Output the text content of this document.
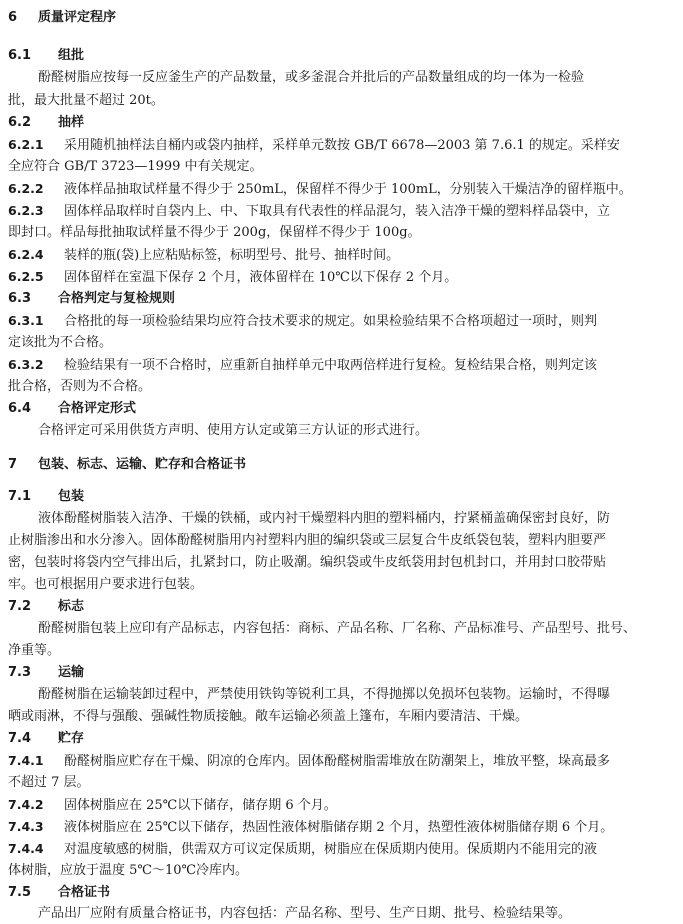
6 质量评定程序
6.1 组批
酚醛树脂应按每一反应釜生产的产品数量，或多釜混合并批后的产品数量组成的均一体为一检验
批，最大批量不超过 20t。
6.2 抽样
6.2.1 采用随机抽样法自桶内或袋内抽样，采样单元数按 GB/T 6678—2003 第 7.6.1 的规定。采样安
全应符合 GB/T 3723—1999 中有关规定。
6.2.2 液体样品抽取试样量不得少于 250mL，保留样不得少于 100mL，分别装入干燥洁净的留样瓶中。
6.2.3 固体样品取样时自袋内上、中、下取具有代表性的样品混匀，装入洁净干燥的塑料样品袋中，立
即封口。样品每批抽取试样量不得少于 200g，保留样不得少于 100g。
6.2.4 装样的瓶(袋)上应粘贴标签，标明型号、批号、抽样时间。
6.2.5 固体留样在室温下保存 2 个月，液体留样在 10℃以下保存 2 个月。
6.3 合格判定与复检规则
6.3.1 合格批的每一项检验结果均应符合技术要求的规定。如果检验结果不合格项超过一项时，则判
定该批为不合格。
6.3.2 检验结果有一项不合格时，应重新自抽样单元中取两倍样进行复检。复检结果合格，则判定该
批合格，否则为不合格。
6.4 合格评定形式
合格评定可采用供货方声明、使用方认定或第三方认证的形式进行。
7 包装、标志、运输、贮存和合格证书
7.1 包装
液体酚醛树脂装入洁净、干燥的铁桶，或内衬干燥塑料内胆的塑料桶内，拧紧桶盖确保密封良好，防
止树脂渗出和水分渗入。固体酚醛树脂用内衬塑料内胆的编织袋或三层复合牛皮纸袋包装，塑料内胆要严
密，包装时将袋内空气排出后，扎紧封口，防止吸潮。编织袋或牛皮纸袋用封包机封口，并用封口胶带贴
牢。也可根据用户要求进行包装。
7.2 标志
酚醛树脂包装上应印有产品标志，内容包括：商标、产品名称、厂名称、产品标准号、产品型号、批号、
净重等。
7.3 运输
酚醛树脂在运输装卸过程中，严禁使用铁钩等锐利工具，不得抛掷以免损坏包装物。运输时，不得曝
晒或雨淋，不得与强酸、强碱性物质接触。敞车运输必须盖上篷布，车厢内要清洁、干燥。
7.4 贮存
7.4.1 酚醛树脂应贮存在干燥、阴凉的仓库内。固体酚醛树脂需堆放在防潮架上，堆放平整，垛高最多
不超过 7 层。
7.4.2 固体树脂应在 25℃以下储存，储存期 6 个月。
7.4.3 液体树脂应在 25℃以下储存，热固性液体树脂储存期 2 个月，热塑性液体树脂储存期 6 个月。
7.4.4 对温度敏感的树脂，供需双方可议定保质期，树脂应在保质期内使用。保质期内不能用完的液
体树脂，应放于温度 5℃～10℃冷库内。
7.5 合格证书
产品出厂应附有质量合格证书，内容包括：产品名称、型号、生产日期、批号、检验结果等。
